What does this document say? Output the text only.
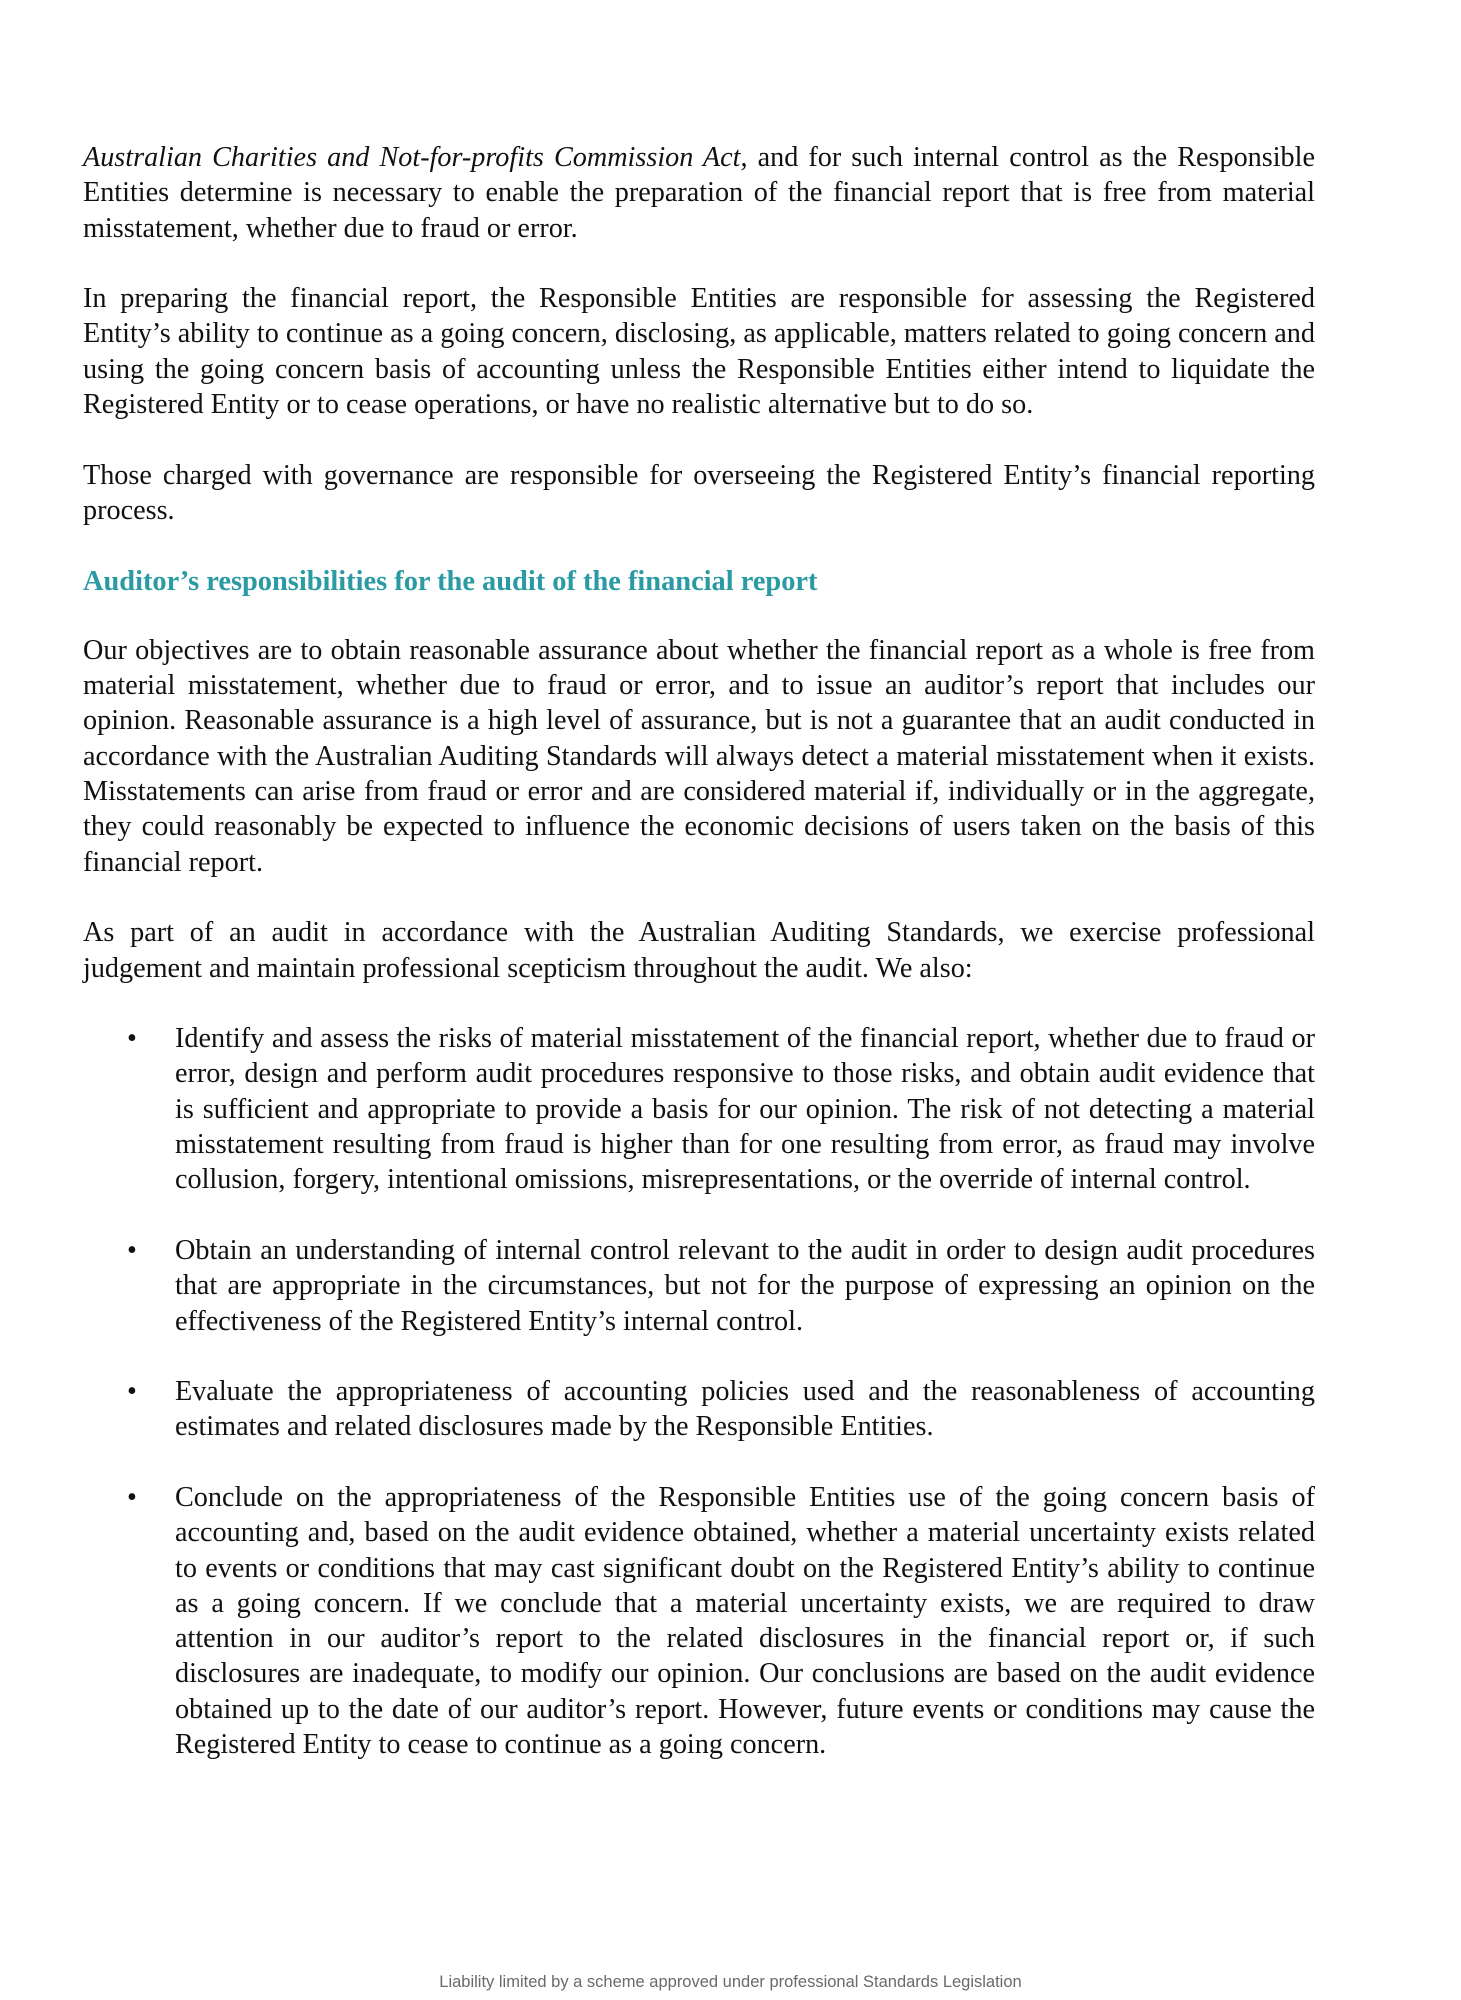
Australian Charities and Not-for-profits Commission Act, and for such internal control as the Responsible Entities determine is necessary to enable the preparation of the financial report that is free from material misstatement, whether due to fraud or error.

In preparing the financial report, the Responsible Entities are responsible for assessing the Registered Entity’s ability to continue as a going concern, disclosing, as applicable, matters related to going concern and using the going concern basis of accounting unless the Responsible Entities either intend to liquidate the Registered Entity or to cease operations, or have no realistic alternative but to do so.

Those charged with governance are responsible for overseeing the Registered Entity’s financial reporting process.

Auditor’s responsibilities for the audit of the financial report

Our objectives are to obtain reasonable assurance about whether the financial report as a whole is free from material misstatement, whether due to fraud or error, and to issue an auditor’s report that includes our opinion. Reasonable assurance is a high level of assurance, but is not a guarantee that an audit conducted in accordance with the Australian Auditing Standards will always detect a material misstatement when it exists. Misstatements can arise from fraud or error and are considered material if, individually or in the aggregate, they could reasonably be expected to influence the economic decisions of users taken on the basis of this financial report.

As part of an audit in accordance with the Australian Auditing Standards, we exercise professional judgement and maintain professional scepticism throughout the audit. We also:

• Identify and assess the risks of material misstatement of the financial report, whether due to fraud or error, design and perform audit procedures responsive to those risks, and obtain audit evidence that is sufficient and appropriate to provide a basis for our opinion. The risk of not detecting a material misstatement resulting from fraud is higher than for one resulting from error, as fraud may involve collusion, forgery, intentional omissions, misrepresentations, or the override of internal control.
• Obtain an understanding of internal control relevant to the audit in order to design audit procedures that are appropriate in the circumstances, but not for the purpose of expressing an opinion on the effectiveness of the Registered Entity’s internal control.
• Evaluate the appropriateness of accounting policies used and the reasonableness of accounting estimates and related disclosures made by the Responsible Entities.
• Conclude on the appropriateness of the Responsible Entities use of the going concern basis of accounting and, based on the audit evidence obtained, whether a material uncertainty exists related to events or conditions that may cast significant doubt on the Registered Entity’s ability to continue as a going concern. If we conclude that a material uncertainty exists, we are required to draw attention in our auditor’s report to the related disclosures in the financial report or, if such disclosures are inadequate, to modify our opinion. Our conclusions are based on the audit evidence obtained up to the date of our auditor’s report. However, future events or conditions may cause the Registered Entity to cease to continue as a going concern.
Liability limited by a scheme approved under professional Standards Legislation
